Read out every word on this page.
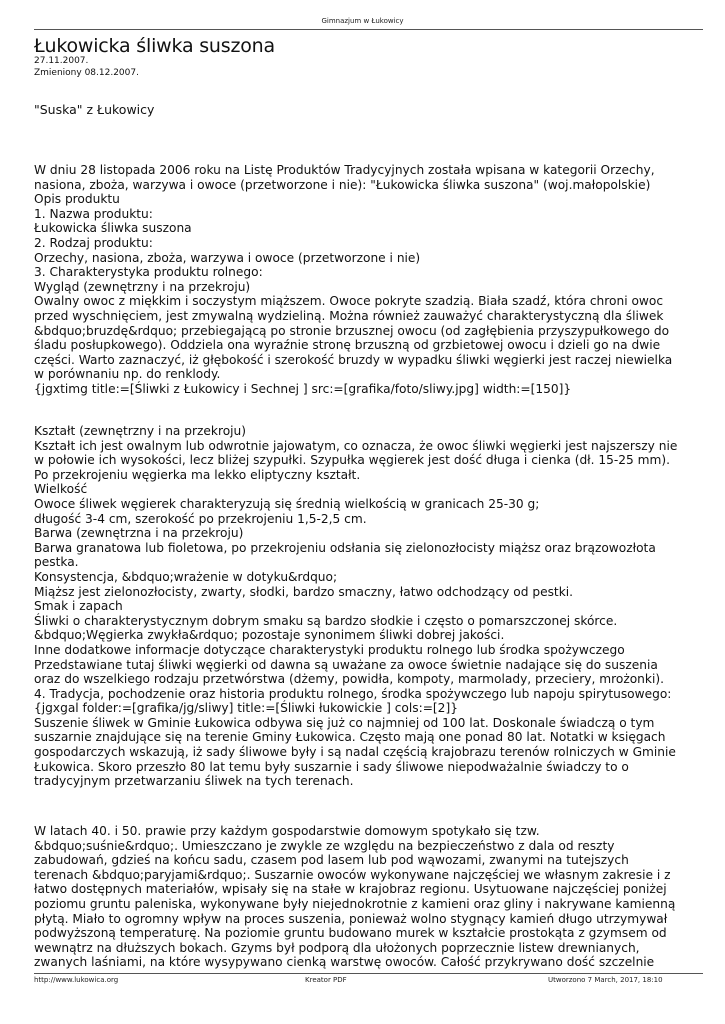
Gimnazjum w Łukowicy
Łukowicka śliwka suszona
27.11.2007.
Zmieniony 08.12.2007.
"Suska" z Łukowicy
W dniu 28 listopada 2006 roku na Listę Produktów Tradycyjnych została wpisana w kategorii Orzechy,
nasiona, zboża, warzywa i owoce (przetworzone i nie): "Łukowicka śliwka suszona" (woj.małopolskie)
Opis produktu
1. Nazwa produktu:
Łukowicka śliwka suszona
2. Rodzaj produktu:
Orzechy, nasiona, zboża, warzywa i owoce (przetworzone i nie)
3. Charakterystyka produktu rolnego:
Wygląd (zewnętrzny i na przekroju)
Owalny owoc z miękkim i soczystym miąższem. Owoce pokryte szadzią. Biała szadź, która chroni owoc
przed wyschnięciem, jest zmywalną wydzieliną. Można również zauważyć charakterystyczną dla śliwek
&bdquo;bruzdę&rdquo; przebiegającą po stronie brzusznej owocu (od zagłębienia przyszypułkowego do
śladu posłupkowego). Oddziela ona wyraźnie stronę brzuszną od grzbietowej owocu i dzieli go na dwie
części. Warto zaznaczyć, iż głębokość i szerokość bruzdy w wypadku śliwki węgierki jest raczej niewielka
w porównaniu np. do renklody.
{jgxtimg title:=[Śliwki z Łukowicy i Sechnej ] src:=[grafika/foto/sliwy.jpg] width:=[150]}
Kształt (zewnętrzny i na przekroju)
Kształt ich jest owalnym lub odwrotnie jajowatym, co oznacza, że owoc śliwki węgierki jest najszerszy nie
w połowie ich wysokości, lecz bliżej szypułki. Szypułka węgierek jest dość długa i cienka (dł. 15-25 mm).
Po przekrojeniu węgierka ma lekko eliptyczny kształt.
Wielkość
Owoce śliwek węgierek charakteryzują się średnią wielkością w granicach 25-30 g;
długość 3-4 cm, szerokość po przekrojeniu 1,5-2,5 cm.
Barwa (zewnętrzna i na przekroju)
Barwa granatowa lub fioletowa, po przekrojeniu odsłania się zielonozłocisty miąższ oraz brązowozłota
pestka.
Konsystencja, &bdquo;wrażenie w dotyku&rdquo;
Miąższ jest zielonozłocisty, zwarty, słodki, bardzo smaczny, łatwo odchodzący od pestki.
Smak i zapach
Śliwki o charakterystycznym dobrym smaku są bardzo słodkie i często o pomarszczonej skórce.
&bdquo;Węgierka zwykła&rdquo; pozostaje synonimem śliwki dobrej jakości.
Inne dodatkowe informacje dotyczące charakterystyki produktu rolnego lub środka spożywczego
Przedstawiane tutaj śliwki węgierki od dawna są uważane za owoce świetnie nadające się do suszenia
oraz do wszelkiego rodzaju przetwórstwa (dżemy, powidła, kompoty, marmolady, przeciery, mrożonki).
4. Tradycja, pochodzenie oraz historia produktu rolnego, środka spożywczego lub napoju spirytusowego:
{jgxgal folder:=[grafika/jg/sliwy] title:=[Śliwki łukowickie ] cols:=[2]}
Suszenie śliwek w Gminie Łukowica odbywa się już co najmniej od 100 lat. Doskonale świadczą o tym
suszarnie znajdujące się na terenie Gminy Łukowica. Często mają one ponad 80 lat. Notatki w księgach
gospodarczych wskazują, iż sady śliwowe były i są nadal częścią krajobrazu terenów rolniczych w Gminie
Łukowica. Skoro przeszło 80 lat temu były suszarnie i sady śliwowe niepodważalnie świadczy to o
tradycyjnym przetwarzaniu śliwek na tych terenach.
W latach 40. i 50. prawie przy każdym gospodarstwie domowym spotykało się tzw.
&bdquo;suśnie&rdquo;. Umieszczano je zwykle ze względu na bezpieczeństwo z dala od reszty
zabudowań, gdzieś na końcu sadu, czasem pod lasem lub pod wąwozami, zwanymi na tutejszych
terenach &bdquo;paryjami&rdquo;. Suszarnie owoców wykonywane najczęściej we własnym zakresie i z
łatwo dostępnych materiałów, wpisały się na stałe w krajobraz regionu. Usytuowane najczęściej poniżej
poziomu gruntu paleniska, wykonywane były niejednokrotnie z kamieni oraz gliny i nakrywane kamienną
płytą. Miało to ogromny wpływ na proces suszenia, ponieważ wolno stygnący kamień długo utrzymywał
podwyższoną temperaturę. Na poziomie gruntu budowano murek w kształcie prostokąta z gzymsem od
wewnątrz na dłuższych bokach. Gzyms był podporą dla ułożonych poprzecznie listew drewnianych,
zwanych laśniami, na które wysypywano cienką warstwę owoców. Całość przykrywano dość szczelnie
http://www.lukowica.org	Kreator PDF	Utworzono 7 March, 2017, 18:10
